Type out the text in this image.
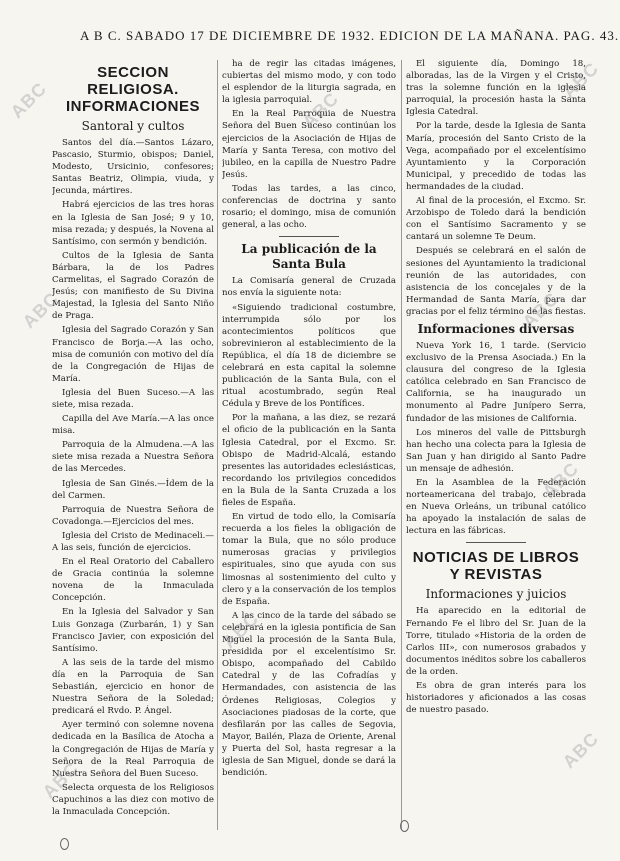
A B C. SABADO 17 DE DICIEMBRE DE 1932. EDICION DE LA MAÑANA. PAG. 43.
SECCION RELIGIOSA. INFORMACIONES
Santoral y cultos

Santos del día.—Santos Lázaro, Pascasio, Sturmio, obispos; Daniel, Modesto, Ursicinio, confesores; Santas Beatriz, Olimpia, viuda, y Jecunda, mártires.

Habrá ejercicios de las tres horas en la Iglesia de San José; 9 y 10, misa rezada; y después, la Novena al Santísimo, con sermón y bendición.

Cultos de la Iglesia de Santa Bárbara, la de los Padres Carmelitas, el Sagrado Corazón de Jesús; con manifiesto de Su Divina Majestad, la Iglesia del Santo Niño de Praga.

Iglesia del Sagrado Corazón y San Francisco de Borja.—A las ocho, misa de comunión con motivo del día de la Congregación de Hijas de María.

Iglesia del Buen Suceso.—A las siete, misa rezada.

Capilla del Ave María.—A las once misa.

Parroquia de la Almudena.—A las siete misa rezada a Nuestra Señora de las Mercedes.

Iglesia de San Ginés.—Ídem de la del Carmen.

Parroquia de Nuestra Señora de Covadonga.—Ejercicios del mes.

Iglesia del Cristo de Medinaceli.—A las seis, función de ejercicios.

En el Real Oratorio del Caballero de Gracia continúa la solemne novena de la Inmaculada Concepción.

En la Iglesia del Salvador y San Luis Gonzaga (Zurbarán, 1) y San Francisco Javier, con exposición del Santísimo.

A las seis de la tarde del mismo día en la Parroquia de San Sebastián, ejercicio en honor de Nuestra Señora de la Soledad; predicará el Rvdo. P. Ángel.

Ayer terminó con solemne novena dedicada en la Basílica de Atocha a la Congregación de Hijas de María y Señora de la Real Parroquia de Nuestra Señora del Buen Suceso.

Selecta orquesta de los Religiosos Capuchinos a las diez con motivo de la Inmaculada Concepción.

ha de regir las citadas imágenes, cubiertas del mismo modo, y con todo el esplendor de la liturgia sagrada, en la iglesia parroquial.

En la Real Parroquia de Nuestra Señora del Buen Suceso continúan los ejercicios de la Asociación de Hijas de María y Santa Teresa, con motivo del jubileo, en la capilla de Nuestro Padre Jesús.

Todas las tardes, a las cinco, conferencias de doctrina y santo rosario; el domingo, misa de comunión general, a las ocho.

La publicación de la Santa Bula

La Comisaría general de Cruzada nos envía la siguiente nota:

«Siguiendo tradicional costumbre, interrumpida sólo por los acontecimientos políticos que sobrevinieron al establecimiento de la República, el día 18 de diciembre se celebrará en esta capital la solemne publicación de la Santa Bula, con el ritual acostumbrado, según Real Cédula y Breve de los Pontífices.

Por la mañana, a las diez, se rezará el oficio de la publicación en la Santa Iglesia Catedral, por el Excmo. Sr. Obispo de Madrid-Alcalá, estando presentes las autoridades eclesiásticas, recordando los privilegios concedidos en la Bula de la Santa Cruzada a los fieles de España.

En virtud de todo ello, la Comisaría recuerda a los fieles la obligación de tomar la Bula, que no sólo produce numerosas gracias y privilegios espirituales, sino que ayuda con sus limosnas al sostenimiento del culto y clero y a la conservación de los templos de España.

A las cinco de la tarde del sábado se celebrará en la iglesia pontificia de San Miguel la procesión de la Santa Bula, presidida por el excelentísimo Sr. Obispo, acompañado del Cabildo Catedral y de las Cofradías y Hermandades, con asistencia de las Órdenes Religiosas, Colegios y Asociaciones piadosas de la corte, que desfilarán por las calles de Segovia, Mayor, Bailén, Plaza de Oriente, Arenal y Puerta del Sol, hasta regresar a la iglesia de San Miguel, donde se dará la bendición.

El siguiente día, Domingo 18, alboradas, las de la Virgen y el Cristo, tras la solemne función en la iglesia parroquial, la procesión hasta la Santa Iglesia Catedral.

Por la tarde, desde la Iglesia de Santa María, procesión del Santo Cristo de la Vega, acompañado por el excelentísimo Ayuntamiento y la Corporación Municipal, y precedido de todas las hermandades de la ciudad.

Al final de la procesión, el Excmo. Sr. Arzobispo de Toledo dará la bendición con el Santísimo Sacramento y se cantará un solemne Te Deum.

Después se celebrará en el salón de sesiones del Ayuntamiento la tradicional reunión de las autoridades, con asistencia de los concejales y de la Hermandad de Santa María, para dar gracias por el feliz término de las fiestas.

Informaciones diversas

Nueva York 16, 1 tarde. (Servicio exclusivo de la Prensa Asociada.) En la clausura del congreso de la Iglesia católica celebrado en San Francisco de California, se ha inaugurado un monumento al Padre Junípero Serra, fundador de las misiones de California.

Los mineros del valle de Pittsburgh han hecho una colecta para la Iglesia de San Juan y han dirigido al Santo Padre un mensaje de adhesión.

En la Asamblea de la Federación norteamericana del trabajo, celebrada en Nueva Orleáns, un tribunal católico ha apoyado la instalación de salas de lectura en las fábricas.

NOTICIAS DE LIBROS Y REVISTAS
Informaciones y juicios

Ha aparecido en la editorial de Fernando Fe el libro del Sr. Juan de la Torre, titulado «Historia de la orden de Carlos III», con numerosos grabados y documentos inéditos sobre los caballeros de la orden.

Es obra de gran interés para los historiadores y aficionados a las cosas de nuestro pasado.

ABC
ABC
ABC
ABC
ABC
ABC
ABC
ABC
ABC
